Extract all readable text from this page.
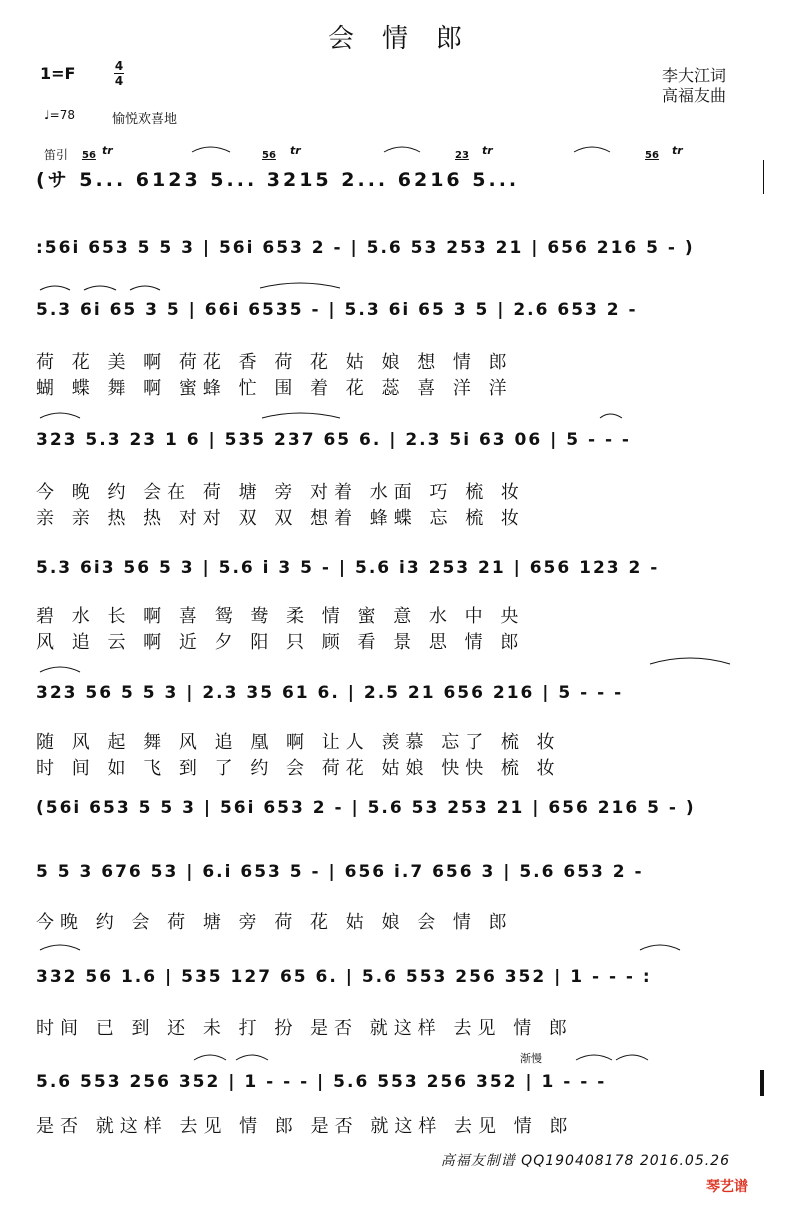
会情郎
1=F	4
4
♩=78	愉悦欢喜地
李大江词
高福友曲
笛引
(サ 5... 6123 5... 3215 2... 6216 5...
56	56	23	56
tr	tr	tr	tr
:56i 653 5 5 3 | 56i 653 2 - | 5.6 53 253 21 | 656 216 5 - )
5.3 6i 65 3 5 | 66i 6535 - | 5.3 6i 65 3 5 | 2.6 653 2 -
荷 花 美 啊 荷花 香 荷 花 姑 娘 想 情 郎
蝴 蝶 舞 啊 蜜蜂 忙 围 着 花 蕊 喜 洋 洋
323 5.3 23 1 6 | 535 237 65 6. | 2.3 5i 63 06 | 5 - - -
今 晚 约 会在 荷 塘 旁 对着 水面 巧 梳 妆
亲 亲 热 热 对对 双 双 想着 蜂蝶 忘 梳 妆
5.3 6i3 56 5 3 | 5.6 i 3 5 - | 5.6 i3 253 21 | 656 123 2 -
碧 水 长 啊 喜 鸳 鸯 柔 情 蜜 意 水 中 央
风 追 云 啊 近 夕 阳 只 顾 看 景 思 情 郎
323 56 5 5 3 | 2.3 35 61 6. | 2.5 21 656 216 | 5 - - -
随 风 起 舞 风 追 凰 啊 让人 羡慕 忘了 梳 妆
时 间 如 飞 到 了 约 会 荷花 姑娘 快快 梳 妆
(56i 653 5 5 3 | 56i 653 2 - | 5.6 53 253 21 | 656 216 5 - )
5 5 3 676 53 | 6.i 653 5 - | 656 i.7 656 3 | 5.6 653 2 -
今晚 约 会 荷 塘 旁 荷 花 姑 娘 会 情 郎
332 56 1.6 | 535 127 65 6. | 5.6 553 256 352 | 1 - - - :
时间 已 到 还 未 打 扮 是否 就这样 去见 情 郎
渐慢
5.6 553 256 352 | 1 - - - | 5.6 553 256 352 | 1 - - -
是否 就这样 去见 情 郎 是否 就这样 去见 情 郎
高福友制谱 QQ190408178 2016.05.26
琴艺谱
